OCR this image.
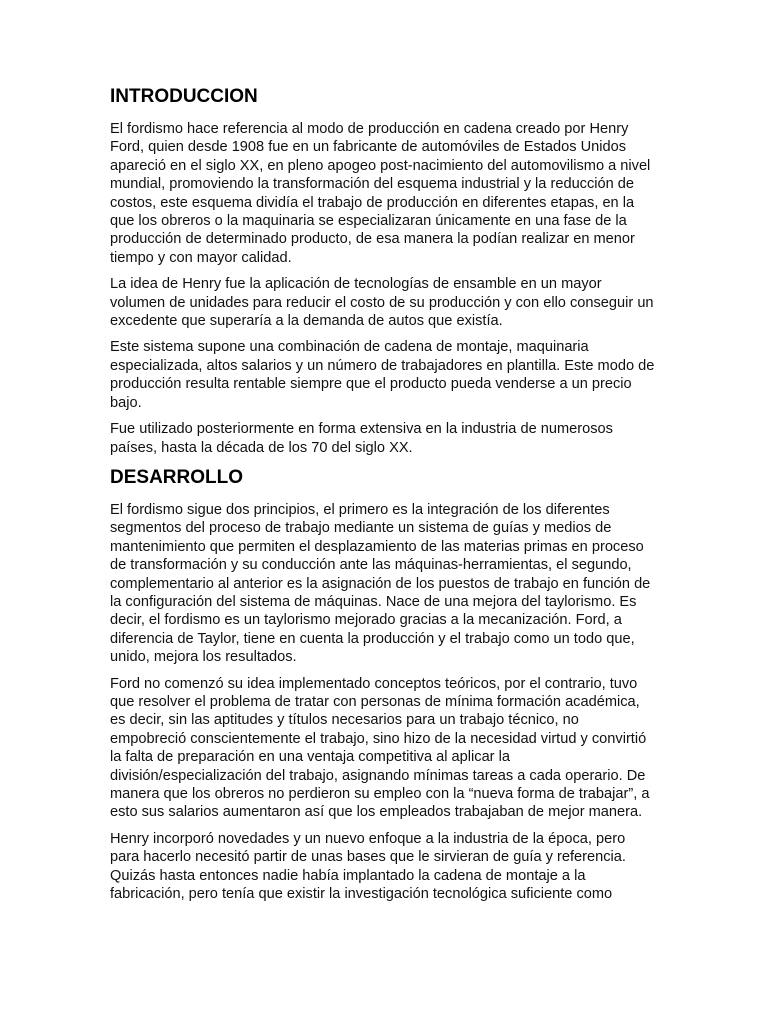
INTRODUCCION

El fordismo hace referencia al modo de producción en cadena creado por Henry Ford, quien desde 1908 fue en un fabricante de automóviles de Estados Unidos apareció en el siglo XX, en pleno apogeo post-nacimiento del automovilismo a nivel mundial, promoviendo la transformación del esquema industrial y la reducción de costos, este esquema dividía el trabajo de producción en diferentes etapas, en la que los obreros o la maquinaria se especializaran únicamente en una fase de la producción de determinado producto, de esa manera la podían realizar en menor tiempo y con mayor calidad.

La idea de Henry fue la aplicación de tecnologías de ensamble en un mayor volumen de unidades para reducir el costo de su producción y con ello conseguir un excedente que superaría a la demanda de autos que existía.

Este sistema supone una combinación de cadena de montaje, maquinaria especializada, altos salarios y un número de trabajadores en plantilla. Este modo de producción resulta rentable siempre que el producto pueda venderse a un precio bajo.

Fue utilizado posteriormente en forma extensiva en la industria de numerosos países, hasta la década de los 70 del siglo XX.

DESARROLLO

El fordismo sigue dos principios, el primero es la integración de los diferentes segmentos del proceso de trabajo mediante un sistema de guías y medios de mantenimiento que permiten el desplazamiento de las materias primas en proceso de transformación y su conducción ante las máquinas-herramientas, el segundo, complementario al anterior es la asignación de los puestos de trabajo en función de la configuración del sistema de máquinas. Nace de una mejora del taylorismo. Es decir, el fordismo es un taylorismo mejorado gracias a la mecanización. Ford, a diferencia de Taylor, tiene en cuenta la producción y el trabajo como un todo que, unido, mejora los resultados.

Ford no comenzó su idea implementado conceptos teóricos, por el contrario, tuvo que resolver el problema de tratar con personas de mínima formación académica, es decir, sin las aptitudes y títulos necesarios para un trabajo técnico, no empobreció conscientemente el trabajo, sino hizo de la necesidad virtud y convirtió la falta de preparación en una ventaja competitiva al aplicar la división/especialización del trabajo, asignando mínimas tareas a cada operario. De manera que los obreros no perdieron su empleo con la “nueva forma de trabajar”, a esto sus salarios aumentaron así que los empleados trabajaban de mejor manera.

Henry incorporó novedades y un nuevo enfoque a la industria de la época, pero para hacerlo necesitó partir de unas bases que le sirvieran de guía y referencia. Quizás hasta entonces nadie había implantado la cadena de montaje a la fabricación, pero tenía que existir la investigación tecnológica suficiente como
